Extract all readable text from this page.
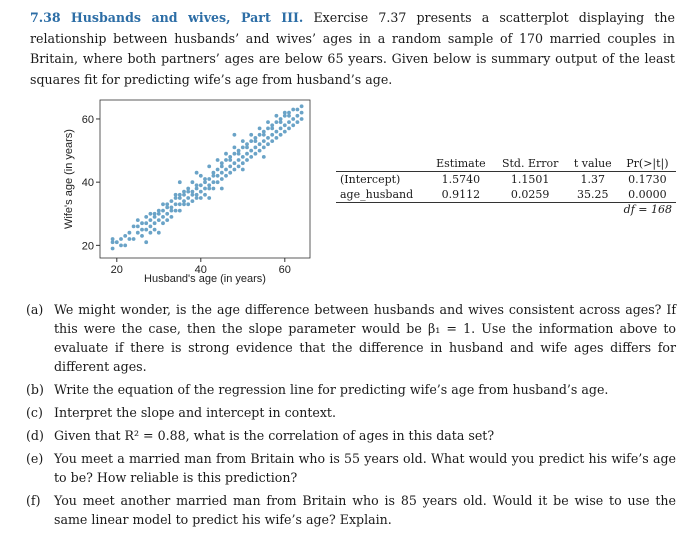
7.38 Husbands and wives, Part III. Exercise 7.37 presents a scatterplot displaying the relationship between husbands’ and wives’ ages in a random sample of 170 married couples in Britain, where both partners’ ages are below 65 years. Given below is summary output of the least squares fit for predicting wife’s age from husband’s age.
20	40	60
20
40
60
Husband's age (in years)
Wife's age (in years)
		Estimate	Std. Error	t value	Pr(>|t|)
(Intercept)	1.5740	1.1501	1.37	0.1730
age_husband	0.9112	0.0259	35.25	0.0000
df = 168
(a) We might wonder, is the age difference between husbands and wives consistent across ages? If this were the case, then the slope parameter would be β₁ = 1. Use the information above to evaluate if there is strong evidence that the difference in husband and wife ages differs for different ages.
(b) Write the equation of the regression line for predicting wife’s age from husband’s age.
(c) Interpret the slope and intercept in context.
(d) Given that R² = 0.88, what is the correlation of ages in this data set?
(e) You meet a married man from Britain who is 55 years old. What would you predict his wife’s age to be? How reliable is this prediction?
(f)	You meet another married man from Britain who is 85 years old. Would it be wise to use the same linear model to predict his wife’s age? Explain.
